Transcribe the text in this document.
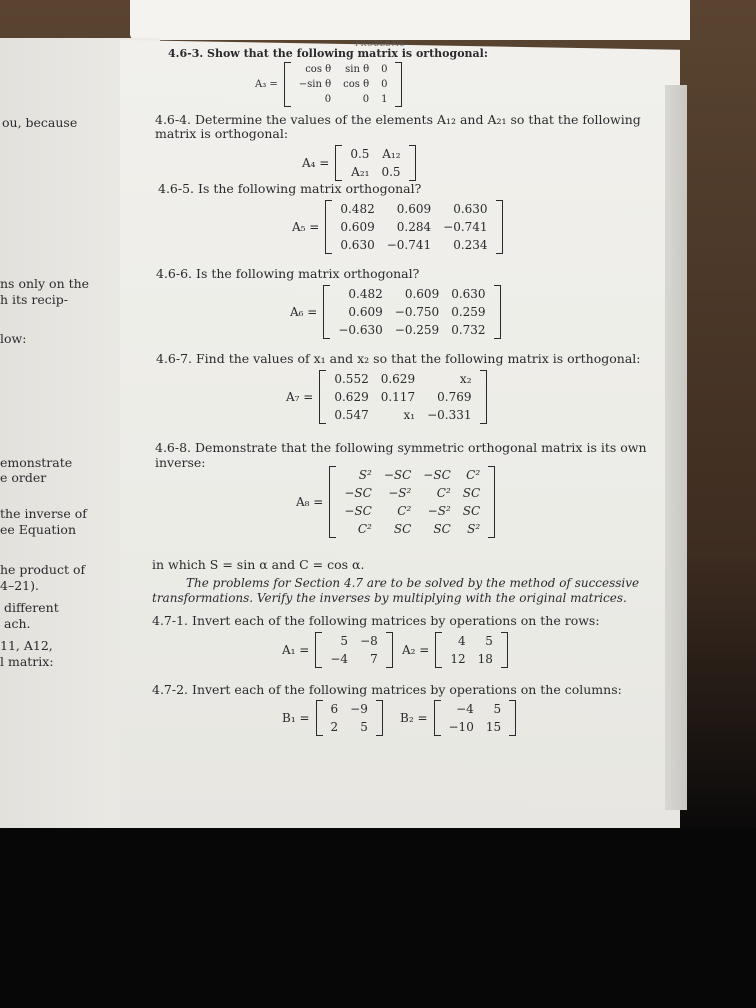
ou, because
ns only on the
h its recip-
low:
emonstrate
e order
the inverse of
ee Equation
he product of
4–21).
different
ach.
11, A12,
l matrix:
PROBLEMS
4.6-3. Show that the following matrix is orthogonal:
A₃ =
cos θ	sin θ	0
−sin θ	cos θ	0
0	0	1
4.6-4. Determine the values of the elements A₁₂ and A₂₁ so that the following
matrix is orthogonal:
A₄ =
0.5	A₁₂
A₂₁	0.5
4.6-5. Is the following matrix orthogonal?
A₅ =
0.482	0.609	0.630
0.609	0.284	−0.741
0.630	−0.741	0.234
4.6-6. Is the following matrix orthogonal?
A₆ =
0.482	0.609	0.630
0.609	−0.750	0.259
−0.630	−0.259	0.732
4.6-7. Find the values of x₁ and x₂ so that the following matrix is orthogonal:
A₇ =
0.552	0.629	x₂
0.629	0.117	0.769
0.547	x₁	−0.331
4.6-8. Demonstrate that the following symmetric orthogonal matrix is its own
inverse:
A₈ =
S²	−SC	−SC	C²
−SC	−S²	C²	SC
−SC	C²	−S²	SC
C²	SC	SC	S²
in which S = sin α and C = cos α.
The problems for Section 4.7 are to be solved by the method of successive
transformations. Verify the inverses by multiplying with the original matrices.
4.7-1. Invert each of the following matrices by operations on the rows:
A₁ =
5	−8
−4	7
A₂ =
4	5
12	18
4.7-2. Invert each of the following matrices by operations on the columns:
B₁ =
6	−9
2	5
B₂ =
−4	5
−10	15
